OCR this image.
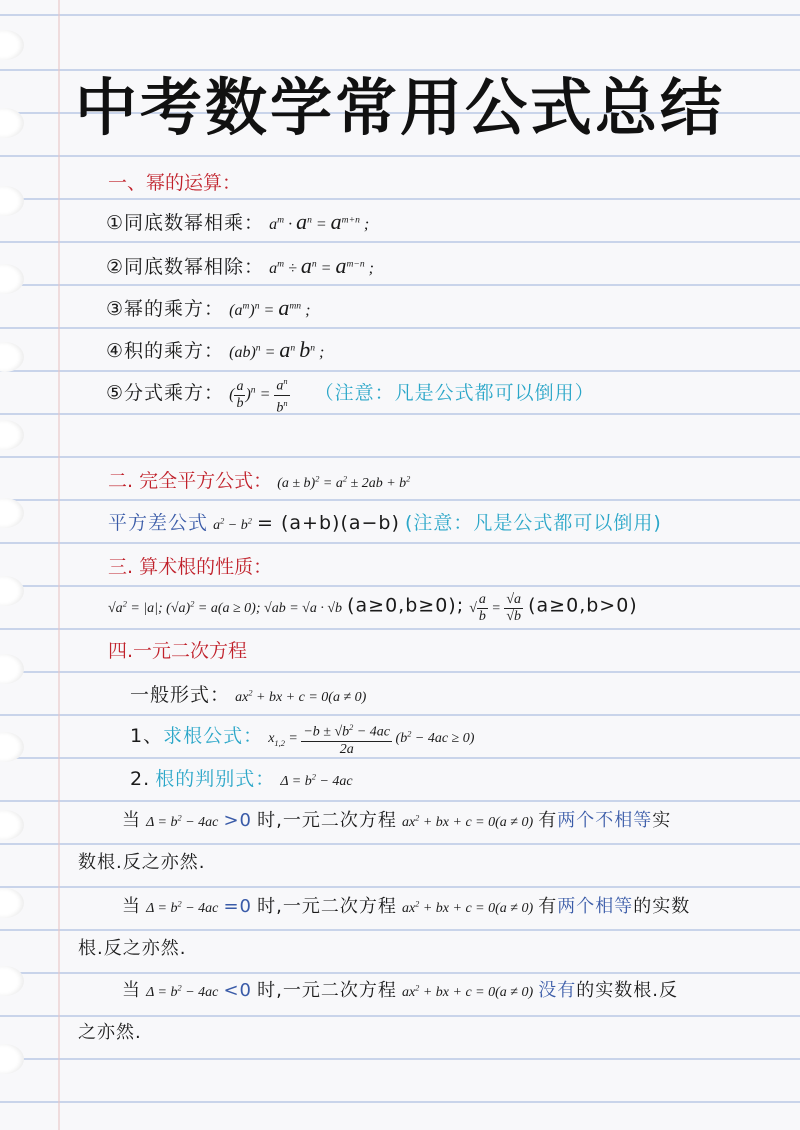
中考数学常用公式总结
一、幂的运算：
①同底数幂相乘： $a^m \cdot a^n = a^{m+n}$ ;
②同底数幂相除： $a^m \div a^n = a^{m-n}$ ;
③幂的乘方： $(a^m)^n = a^{mn}$ ;
④积的乘方： $(ab)^n = a^n$ $b^n$ ;
⑤分式乘方： ( $\frac{a}{b} )^n = \frac{a^n}{b^n}$ （注意：凡是公式都可以倒用）
二. 完全平方公式： $(a \pm b)^2 = a^2 \pm 2ab + b^2$
平方差公式 $a^2 - b^2 = (a+b)(a-b)$ (注意：凡是公式都可以倒用)
三. 算术根的性质：
$√a^2 = |a|$; $(√a)^2 = a(a \ge 0)$; √ab = √a · √b (a≥0,b≥0); √ $\frac{a}{b} = \frac{√a}{√b} (a\ge 0,b>0)$
四.一元二次方程
一般形式： $ax^2$ + bx + c = 0(a ≠ 0)
1、求根公式： $x_{1,2} = \frac{-b \pm √b^2 - 4ac}{2a} (b^2 - 4ac \ge 0)$
2. 根的判别式： $\Delta = b^2 - 4ac$
当 $\Delta = b^2 - 4ac >0$ 时,一元二次方程 $ax^2$ + bx + c = 0(a ≠ 0) 有两个不相等实
数根.反之亦然.
当 $\Delta = b^2 - 4ac =0$ 时,一元二次方程 $ax^2$ + bx + c = 0(a ≠ 0) 有两个相等的实数
根.反之亦然.
当 $\Delta = b^2 - 4ac <0$ 时,一元二次方程 $ax^2$ + bx + c = 0(a ≠ 0) 没有的实数根.反
之亦然.
